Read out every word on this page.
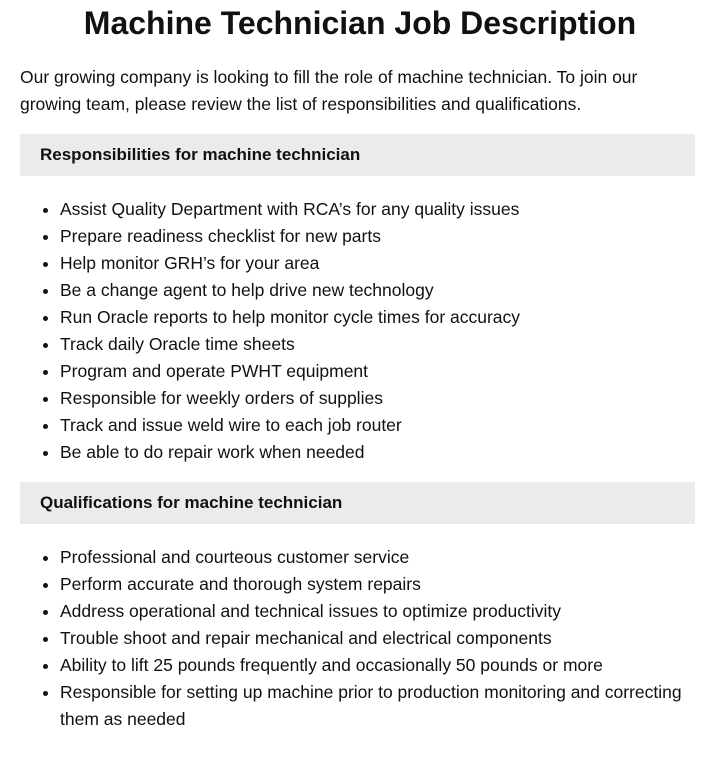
Machine Technician Job Description

Our growing company is looking to fill the role of machine technician. To join our growing team, please review the list of responsibilities and qualifications.

Responsibilities for machine technician
• Assist Quality Department with RCA’s for any quality issues
• Prepare readiness checklist for new parts
• Help monitor GRH’s for your area
• Be a change agent to help drive new technology
• Run Oracle reports to help monitor cycle times for accuracy
• Track daily Oracle time sheets
• Program and operate PWHT equipment
• Responsible for weekly orders of supplies
• Track and issue weld wire to each job router
• Be able to do repair work when needed
Qualifications for machine technician
• Professional and courteous customer service
• Perform accurate and thorough system repairs
• Address operational and technical issues to optimize productivity
• Trouble shoot and repair mechanical and electrical components
• Ability to lift 25 pounds frequently and occasionally 50 pounds or more
• Responsible for setting up machine prior to production monitoring and correcting them as needed
